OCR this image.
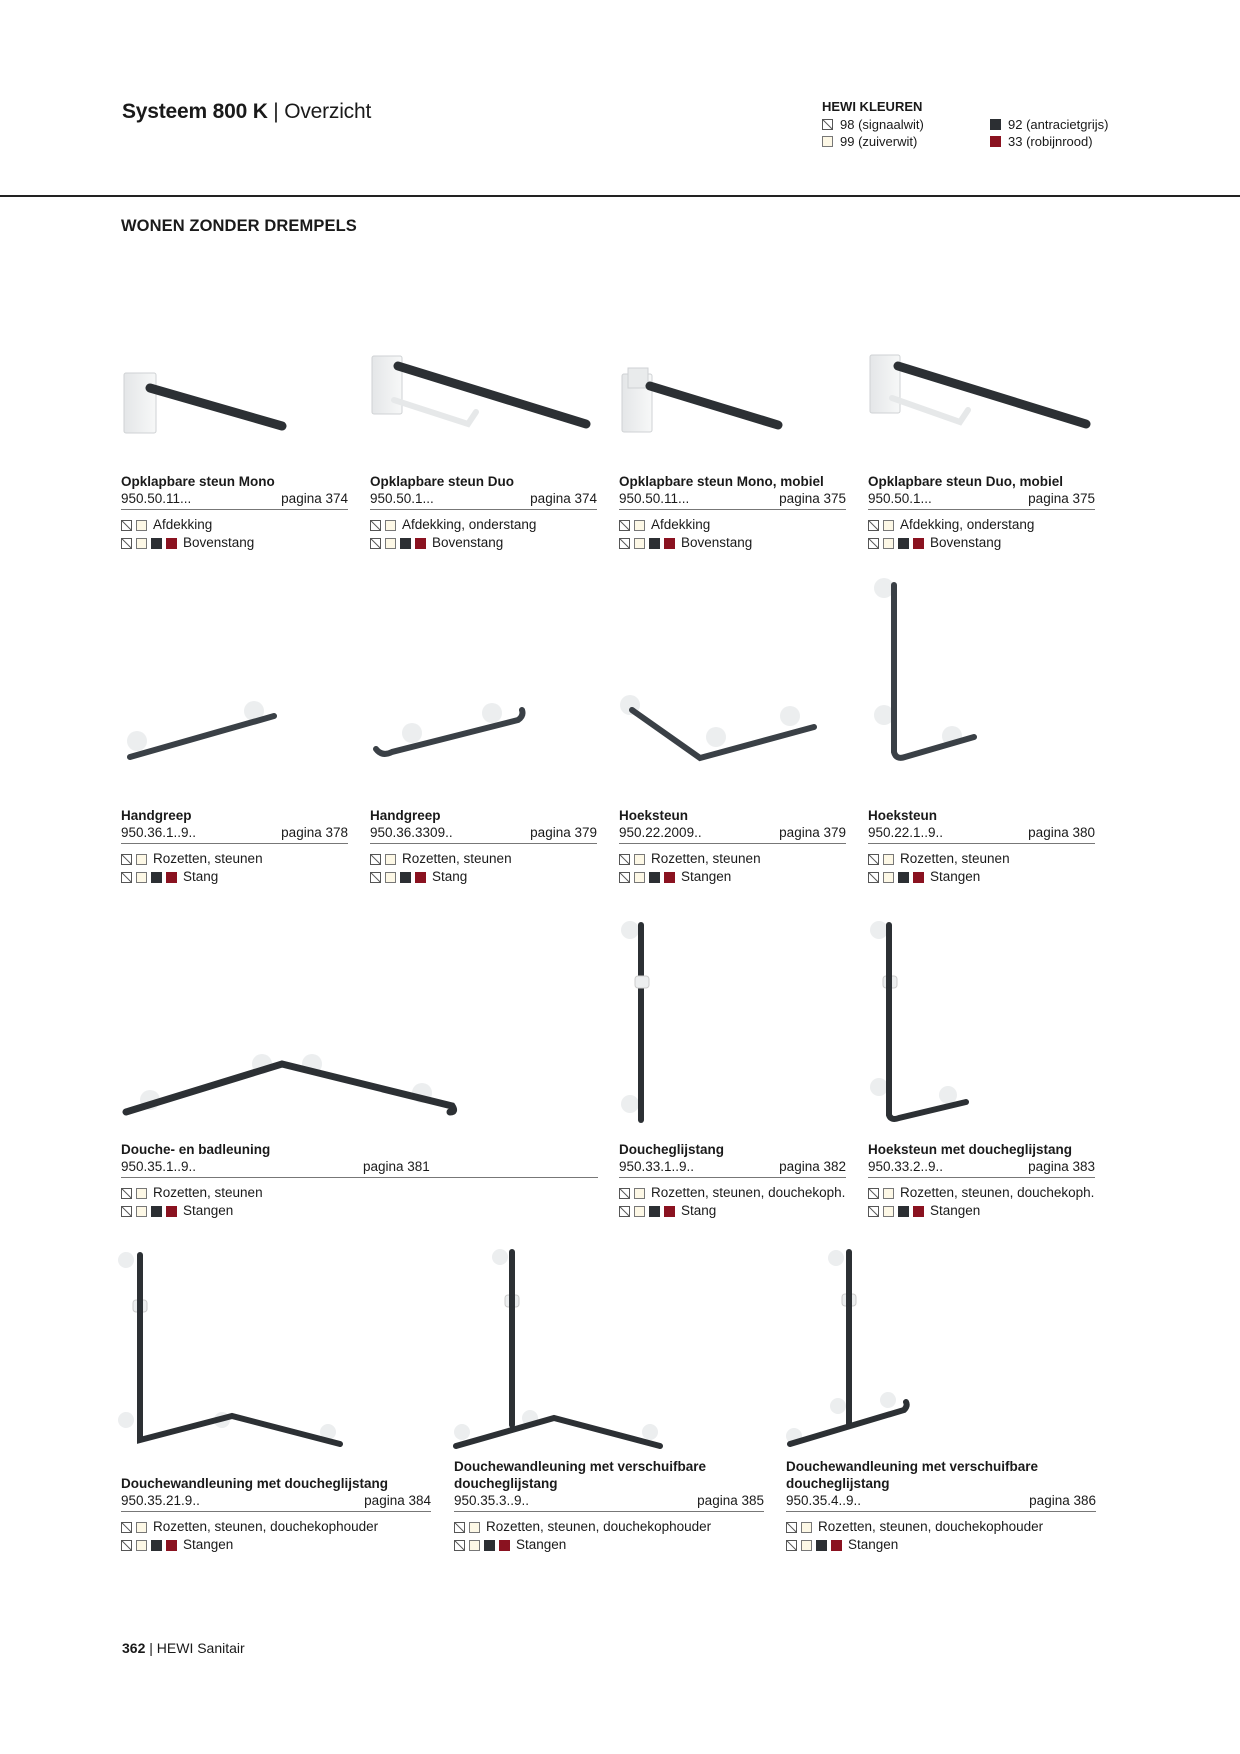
Systeem 800 K | Overzicht	HEWI KLEUREN
98 (signaalwit)
99 (zuiverwit)
92 (antracietgrijs)
33 (robijnrood)
WONEN ZONDER DREMPELS
Opklapbare steun Mono
950.50.11...	pagina 374
Afdekking
Bovenstang
Opklapbare steun Duo
950.50.1...	pagina 374
Afdekking, onderstang
Bovenstang
Opklapbare steun Mono, mobiel
950.50.11...	pagina 375
Afdekking
Bovenstang
Opklapbare steun Duo, mobiel
950.50.1...	pagina 375
Afdekking, onderstang
Bovenstang
Handgreep
950.36.1..9..	pagina 378
Rozetten, steunen
Stang
Handgreep
950.36.3309..	pagina 379
Rozetten, steunen
Stang
Hoeksteun
950.22.2009..	pagina 379
Rozetten, steunen
Stangen
Hoeksteun
950.22.1..9..	pagina 380
Rozetten, steunen
Stangen
Douche- en badleuning
950.35.1..9..	pagina 381
Rozetten, steunen
Stangen
Doucheglijstang
950.33.1..9..	pagina 382
Rozetten, steunen, douchekoph.
Stang
Hoeksteun met doucheglijstang
950.33.2..9..	pagina 383
Rozetten, steunen, douchekoph.
Stangen
Douchewandleuning met doucheglijstang
950.35.21.9..	pagina 384
Rozetten, steunen, douchekophouder
Stangen
Douchewandleuning met verschuifbare doucheglijstang
950.35.3..9..	pagina 385
Rozetten, steunen, douchekophouder
Stangen
Douchewandleuning met verschuifbare doucheglijstang
950.35.4..9..	pagina 386
Rozetten, steunen, douchekophouder
Stangen
362 | HEWI Sanitair
